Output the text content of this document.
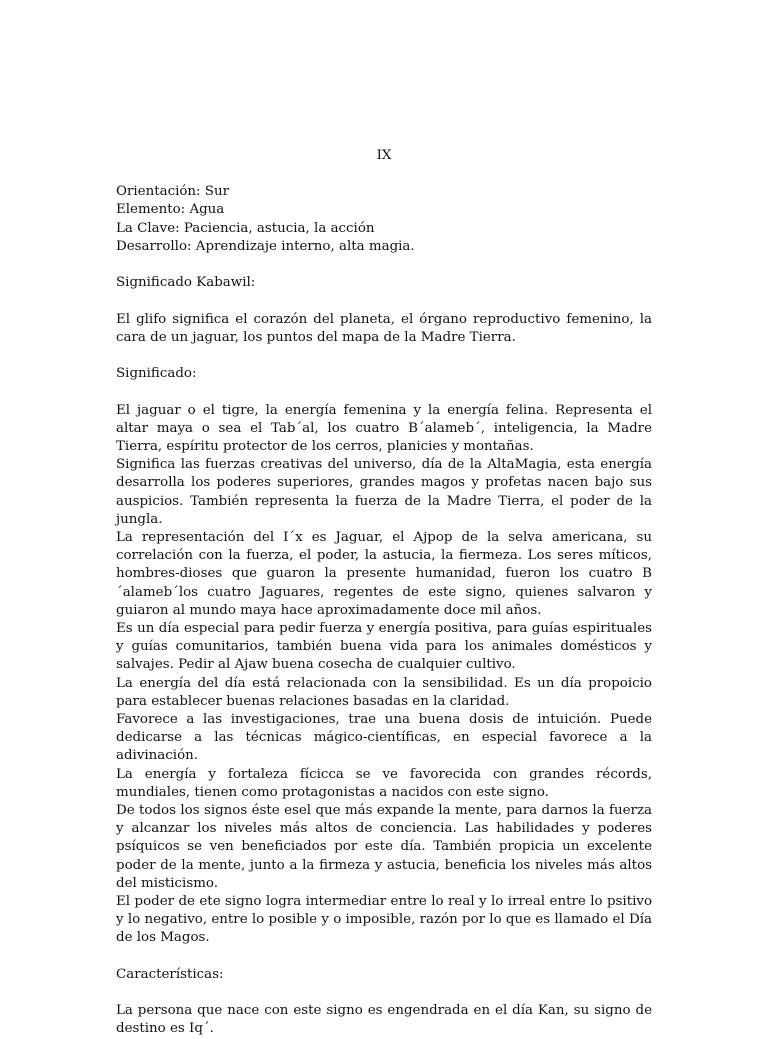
IX

Orientación: Sur

Elemento: Agua

La Clave: Paciencia, astucia, la acción

Desarrollo: Aprendizaje interno, alta magia.

Significado Kabawil:

El glifo significa el corazón del planeta, el órgano reproductivo femenino, la cara de un jaguar, los puntos del mapa de la Madre Tierra.

Significado:

El jaguar o el tigre, la energía femenina y la energía felina. Representa el altar maya o sea el Tab´al, los cuatro B´alameb´, inteligencia, la Madre Tierra, espíritu protector de los cerros, planicies y montañas.

Significa las fuerzas creativas del universo, día de la AltaMagia, esta energía desarrolla los poderes superiores, grandes magos y profetas nacen bajo sus auspicios. También representa la fuerza de la Madre Tierra, el poder de la jungla.

La representación del I´x es Jaguar, el Ajpop de la selva americana, su correlación con la fuerza, el poder, la astucia, la fiermeza. Los seres míticos, hombres-dioses que guaron la presente humanidad, fueron los cuatro B´alameb´los cuatro Jaguares, regentes de este signo, quienes salvaron y guiaron al mundo maya hace aproximadamente doce mil años.

Es un día especial para pedir fuerza y energía positiva, para guías espirituales y guías comunitarios, también buena vida para los animales domésticos y salvajes. Pedir al Ajaw buena cosecha de cualquier cultivo.

La energía del día está relacionada con la sensibilidad. Es un día propoicio para establecer buenas relaciones basadas en la claridad.

Favorece a las investigaciones, trae una buena dosis de intuición. Puede dedicarse a las técnicas mágico-científicas, en especial favorece a la adivinación.

La energía y fortaleza fícicca se ve favorecida con grandes récords, mundiales, tienen como protagonistas a nacidos con este signo.

De todos los signos éste esel que más expande la mente, para darnos la fuerza y alcanzar los niveles más altos de conciencia. Las habilidades y poderes psíquicos se ven beneficiados por este día. También propicia un excelente poder de la mente, junto a la firmeza y astucia, beneficia los niveles más altos del misticismo.

El poder de ete signo logra intermediar entre lo real y lo irreal entre lo psitivo y lo negativo, entre lo posible y o imposible, razón por lo que es llamado el Día de los Magos.

Características:

La persona que nace con este signo es engendrada en el día Kan, su signo de destino es Iq´.
